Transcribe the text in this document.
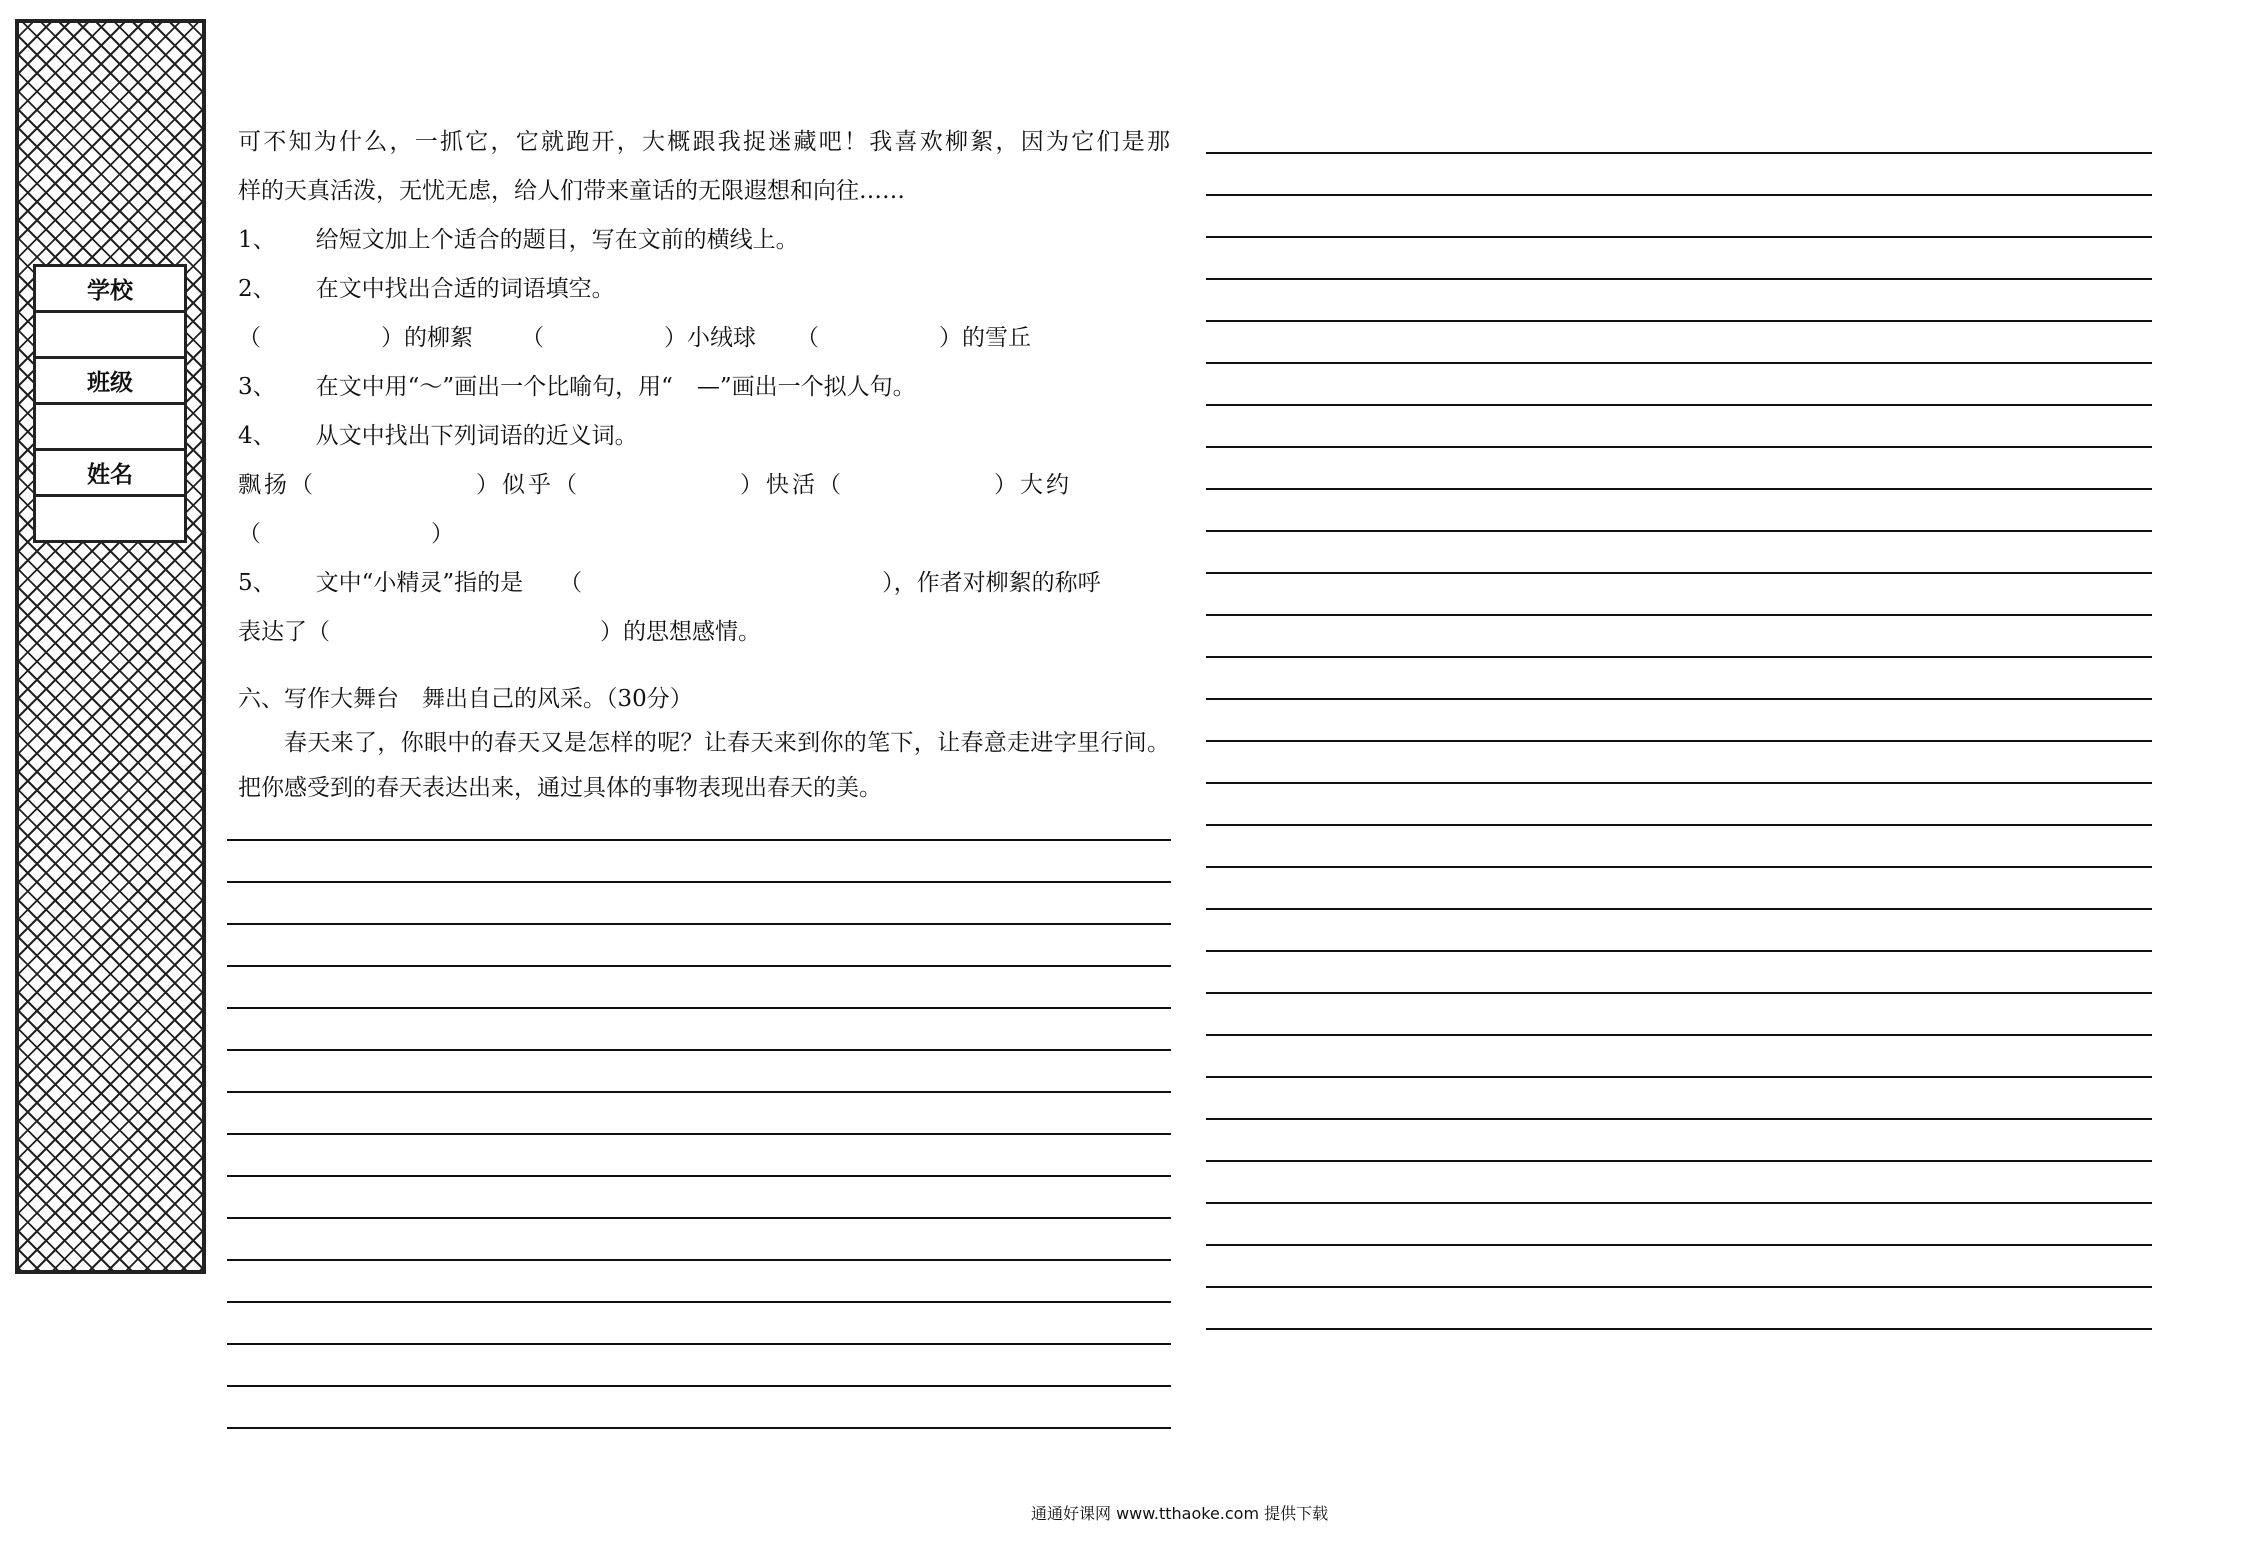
学校

班级

姓名

可不知为什么，一抓它，它就跑开，大概跟我捉迷藏吧！我喜欢柳絮，因为它们是那

样的天真活泼，无忧无虑，给人们带来童话的无限遐想和向往……

1、 给短文加上个适合的题目，写在文前的横线上。

2、 在文中找出合适的词语填空。

（	）的柳絮 （	）小绒球 （	）的雪丘

3、 在文中用“～”画出一个比喻句，用“ —”画出一个拟人句。

4、 从文中找出下列词语的近义词。

飘扬（	）似乎（	）快活（	）大约

（	）

5、 文中“小精灵”指的是 （	），作者对柳絮的称呼

表达了（	）的思想感情。

六、写作大舞台　舞出自己的风采。（30分）

春天来了，你眼中的春天又是怎样的呢？让春天来到你的笔下，让春意走进字里行间。把你感受到的春天表达出来，通过具体的事物表现出春天的美。

通通好课网 www.tthaoke.com 提供下载
